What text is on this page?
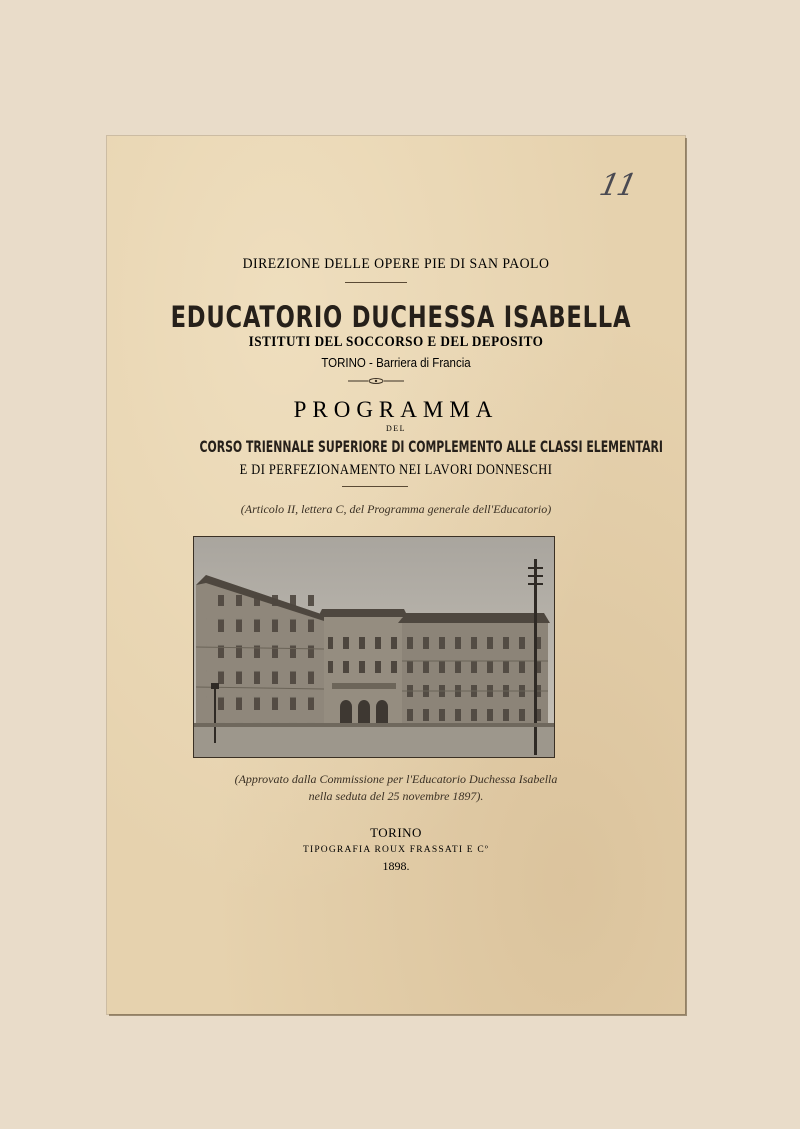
11
DIREZIONE DELLE OPERE PIE DI SAN PAOLO
EDUCATORIO DUCHESSA ISABELLA
ISTITUTI DEL SOCCORSO E DEL DEPOSITO
TORINO - Barriera di Francia
PROGRAMMA
DEL
CORSO TRIENNALE SUPERIORE DI COMPLEMENTO ALLE CLASSI ELEMENTARI
E DI PERFEZIONAMENTO NEI LAVORI DONNESCHI
(Articolo II, lettera C, del Programma generale dell'Educatorio)
(Approvato dalla Commissione per l'Educatorio Duchessa Isabella
nella seduta del 25 novembre 1897).
TORINO
TIPOGRAFIA ROUX FRASSATI E Cº
1898.
